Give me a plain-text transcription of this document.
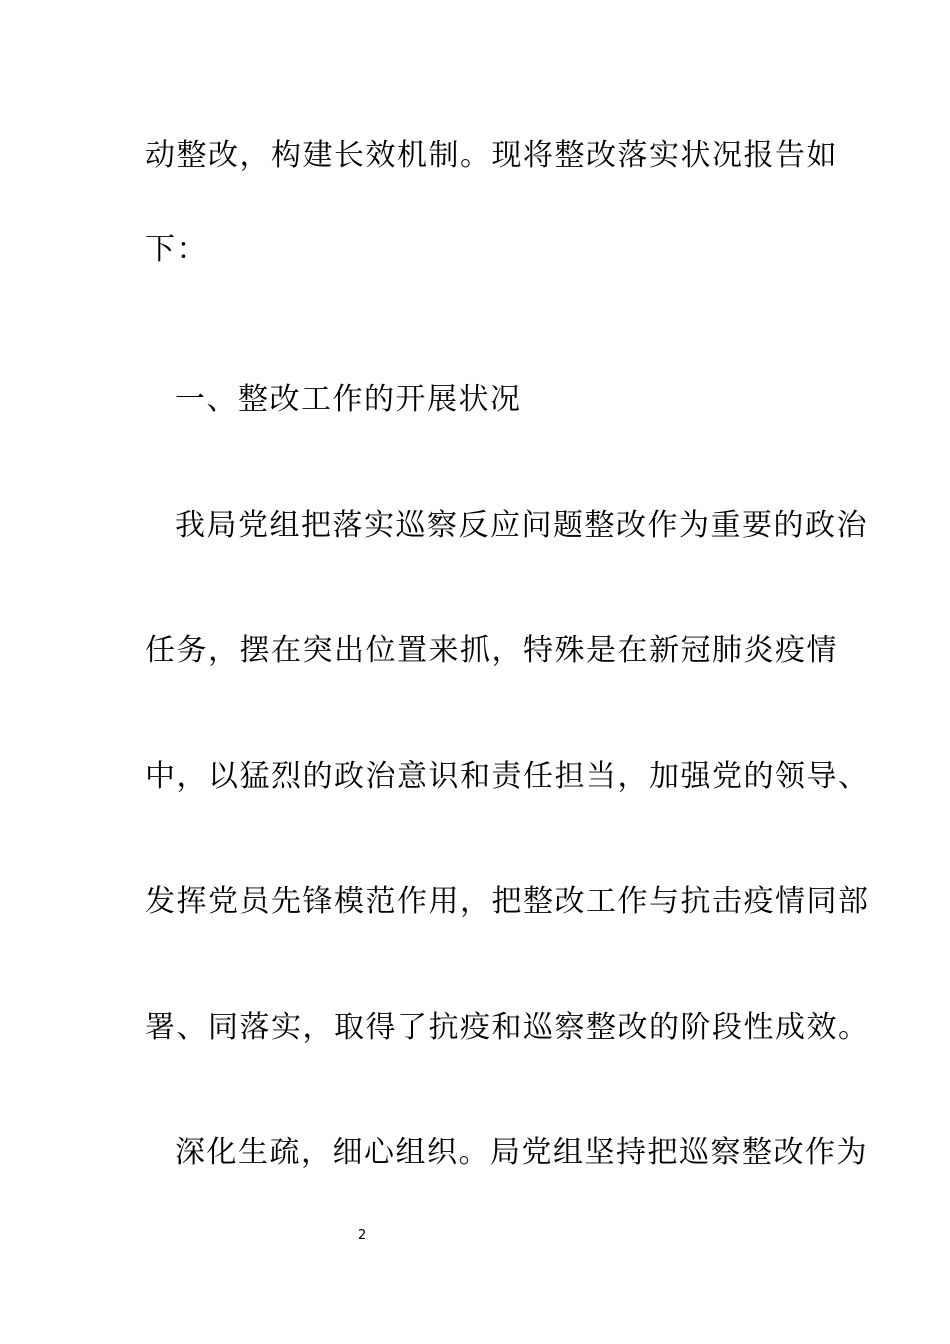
动整改，构建长效机制。现将整改落实状况报告如
下：
一、整改工作的开展状况
我局党组把落实巡察反应问题整改作为重要的政治
任务，摆在突出位置来抓，特殊是在新冠肺炎疫情
中，以猛烈的政治意识和责任担当，加强党的领导、
发挥党员先锋模范作用，把整改工作与抗击疫情同部
署、同落实，取得了抗疫和巡察整改的阶段性成效。
深化生疏，细心组织。局党组坚持把巡察整改作为
2
